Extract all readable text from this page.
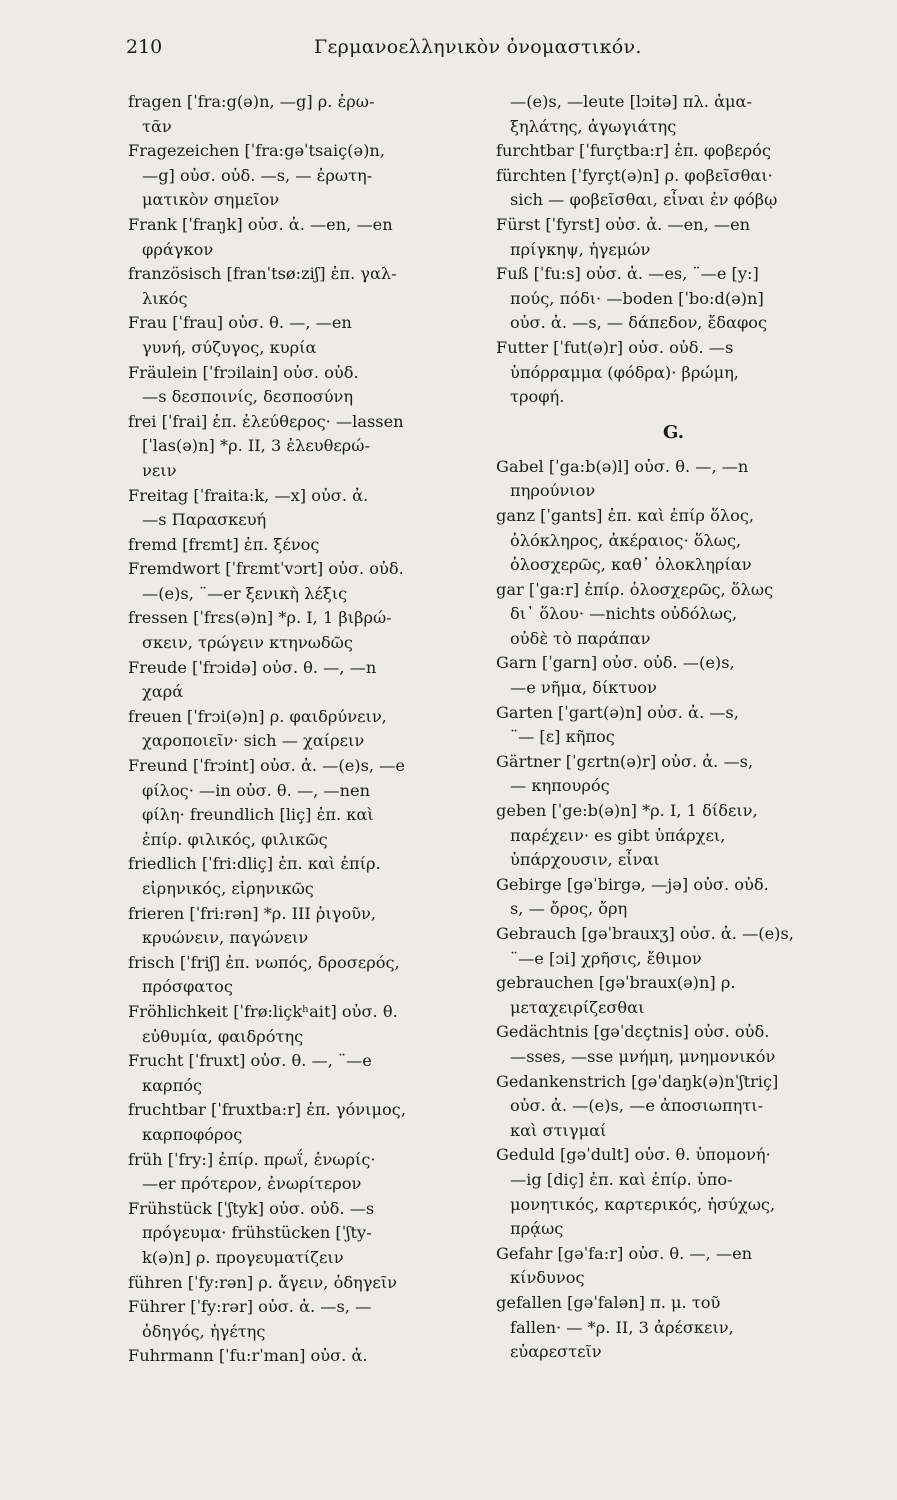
210	Γερμανοελληνικὸν ὀνομαστικόν.
fragen [ˈfra:g(ə)n, —g] ρ. ἐρω-
τᾶν
Fragezeichen [ˈfra:gəˈtsaiç(ə)n,
—g] οὐσ. οὐδ. —s, — ἐρωτη-
ματικὸν σημεῖον
Frank [ˈfraŋk] οὐσ. ἀ. —en, —en
φράγκον
französisch [franˈtsø:ziʃ] ἐπ. γαλ-
λικός
Frau [ˈfrau] οὐσ. θ. —, —en
γυνή, σύζυγος, κυρία
Fräulein [ˈfrɔilain] οὐσ. οὐδ.
—s δεσποινίς, δεσποσύνη
frei [ˈfrai] ἐπ. ἐλεύθερος· —lassen
[ˈlas(ə)n] *ρ. II, 3 ἐλευθερώ-
νειν
Freitag [ˈfraita:k, —x] οὐσ. ἀ.
—s Παρασκευή
fremd [frɛmt] ἐπ. ξένος
Fremdwort [ˈfrɛmtˈvɔrt] οὐσ. οὐδ.
—(e)s, ¨—er ξενικὴ λέξις
fressen [ˈfrɛs(ə)n] *ρ. I, 1 βιβρώ-
σκειν, τρώγειν κτηνωδῶς
Freude [ˈfrɔidə] οὐσ. θ. —, —n
χαρά
freuen [ˈfrɔi(ə)n] ρ. φαιδρύνειν,
χαροποιεῖν· sich — χαίρειν
Freund [ˈfrɔint] οὐσ. ἀ. —(e)s, —e
φίλος· —in οὐσ. θ. —, —nen
φίλη· freundlich [liç] ἐπ. καὶ
ἐπίρ. φιλικός, φιλικῶς
friedlich [ˈfri:dliç] ἐπ. καὶ ἐπίρ.
εἰρηνικός, εἰρηνικῶς
frieren [ˈfri:rən] *ρ. III ῥιγοῦν,
κρυώνειν, παγώνειν
frisch [ˈfriʃ] ἐπ. νωπός, δροσερός,
πρόσφατος
Fröhlichkeit [ˈfrø:liçkʰait] οὐσ. θ.
εὐθυμία, φαιδρότης
Frucht [ˈfruxt] οὐσ. θ. —, ¨—e
καρπός
fruchtbar [ˈfruxtba:r] ἐπ. γόνιμος,
καρποφόρος
früh [ˈfry:] ἐπίρ. πρωΐ, ἐνωρίς·
—er πρότερον, ἐνωρίτερον
Frühstück [ˈʃtyk] οὐσ. οὐδ. —s
πρόγευμα· frühstücken [ˈʃty-
k(ə)n] ρ. προγευματίζειν
führen [ˈfy:rən] ρ. ἄγειν, ὁδηγεῖν
Führer [ˈfy:rər] οὐσ. ἀ. —s, —
ὁδηγός, ἡγέτης
Fuhrmann [ˈfu:rˈman] οὐσ. ἀ.
—(e)s, —leute [lɔitə] πλ. ἁμα-
ξηλάτης, ἀγωγιάτης
furchtbar [ˈfurçtba:r] ἐπ. φοβερός
fürchten [ˈfyrçt(ə)n] ρ. φοβεῖσθαι·
sich — φοβεῖσθαι, εἶναι ἐν φόβῳ
Fürst [ˈfyrst] οὐσ. ἀ. —en, —en
πρίγκηψ, ἡγεμών
Fuß [ˈfu:s] οὐσ. ἀ. —es, ¨—e [y:]
πούς, πόδι· —boden [ˈbo:d(ə)n]
οὐσ. ἀ. —s, — δάπεδον, ἔδαφος
Futter [ˈfut(ə)r] οὐσ. οὐδ. —s
ὑπόρραμμα (φόδρα)· βρώμη,
τροφή.
G.
Gabel [ˈga:b(ə)l] οὐσ. θ. —, —n
πηρούνιον
ganz [ˈgants] ἐπ. καὶ ἐπίρ ὅλος,
ὁλόκληρος, ἀκέραιος· ὅλως,
ὁλοσχερῶς, καθ᾽ ὁλοκληρίαν
gar [ˈga:r] ἐπίρ. ὁλοσχερῶς, ὅλως
δι᾽ ὅλου· —nichts οὐδόλως,
οὐδὲ τὸ παράπαν
Garn [ˈgarn] οὐσ. οὐδ. —(e)s,
—e νῆμα, δίκτυον
Garten [ˈgart(ə)n] οὐσ. ἀ. —s,
¨— [ɛ] κῆπος
Gärtner [ˈgɛrtn(ə)r] οὐσ. ἀ. —s,
— κηπουρός
geben [ˈge:b(ə)n] *ρ. I, 1 δίδειν,
παρέχειν· es gibt ὑπάρχει,
ὑπάρχουσιν, εἶναι
Gebirge [gəˈbirgə, —jə] οὐσ. οὐδ.
s, — ὄρος, ὄρη
Gebrauch [gəˈbrauxʒ] οὐσ. ἀ. —(e)s,
¨—e [ɔi] χρῆσις, ἔθιμον
gebrauchen [gəˈbraux(ə)n] ρ.
μεταχειρίζεσθαι
Gedächtnis [gəˈdɛçtnis] οὐσ. οὐδ.
—sses, —sse μνήμη, μνημονικόν
Gedankenstrich [gəˈdaŋk(ə)nˈʃtriç]
οὐσ. ἀ. —(e)s, —e ἀποσιωπητι-
καὶ στιγμαί
Geduld [gəˈdult] οὐσ. θ. ὑπομονή·
—ig [diç] ἐπ. καὶ ἐπίρ. ὑπο-
μονητικός, καρτερικός, ἡσύχως,
πρᾴως
Gefahr [gəˈfa:r] οὐσ. θ. —, —en
κίνδυνος
gefallen [gəˈfalən] π. μ. τοῦ
fallen· — *ρ. II, 3 ἀρέσκειν,
εὐαρεστεῖν
